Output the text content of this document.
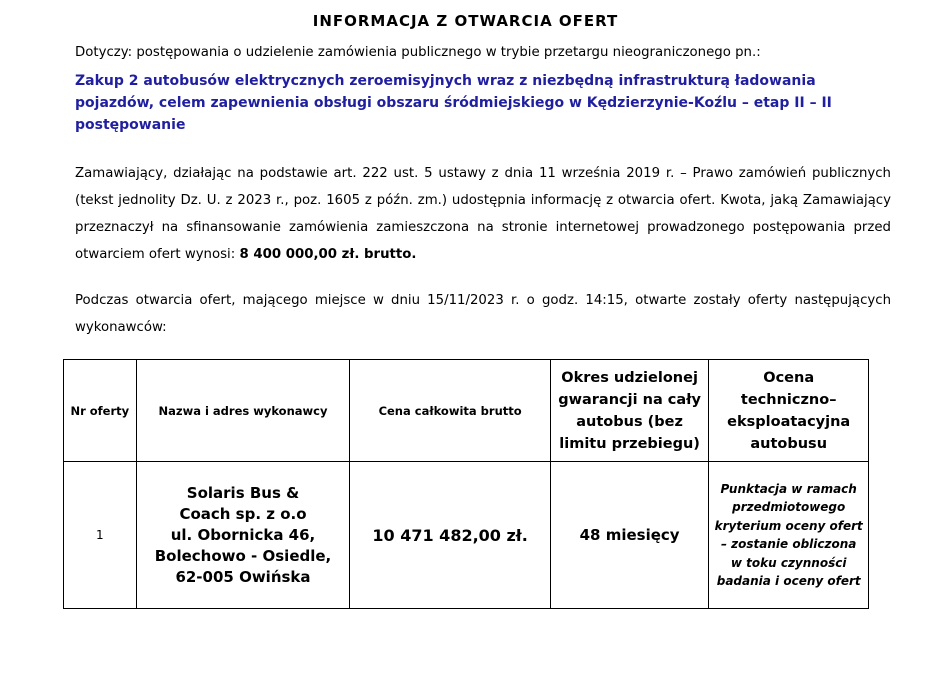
INFORMACJA Z OTWARCIA OFERT
Dotyczy: postępowania o udzielenie zamówienia publicznego w trybie przetargu nieograniczonego pn.:
Zakup 2 autobusów elektrycznych zeroemisyjnych wraz z niezbędną infrastrukturą ładowania pojazdów, celem zapewnienia obsługi obszaru śródmiejskiego w Kędzierzynie-Koźlu – etap II – II postępowanie
Zamawiający, działając na podstawie art. 222 ust. 5 ustawy z dnia 11 września 2019 r. – Prawo zamówień publicznych (tekst jednolity Dz. U. z 2023 r., poz. 1605 z późn. zm.) udostępnia informację z otwarcia ofert. Kwota, jaką Zamawiający przeznaczył na sfinansowanie zamówienia zamieszczona na stronie internetowej prowadzonego postępowania przed otwarciem ofert wynosi: 8 400 000,00 zł. brutto.
Podczas otwarcia ofert, mającego miejsce w dniu 15/11/2023 r. o godz. 14:15, otwarte zostały oferty następujących wykonawców:
Nr oferty	Nazwa i adres wykonawcy	Cena całkowita brutto	Okres udzielonej gwarancji na cały autobus (bez limitu przebiegu)	Ocena techniczno–eksploatacyjna autobusu
1	Solaris Bus &
Coach sp. z o.o
ul. Obornicka 46,
Bolechowo - Osiedle,
62-005 Owińska	10 471 482,00 zł.	48 miesięcy	Punktacja w ramach przedmiotowego kryterium oceny ofert – zostanie obliczona w toku czynności badania i oceny ofert
